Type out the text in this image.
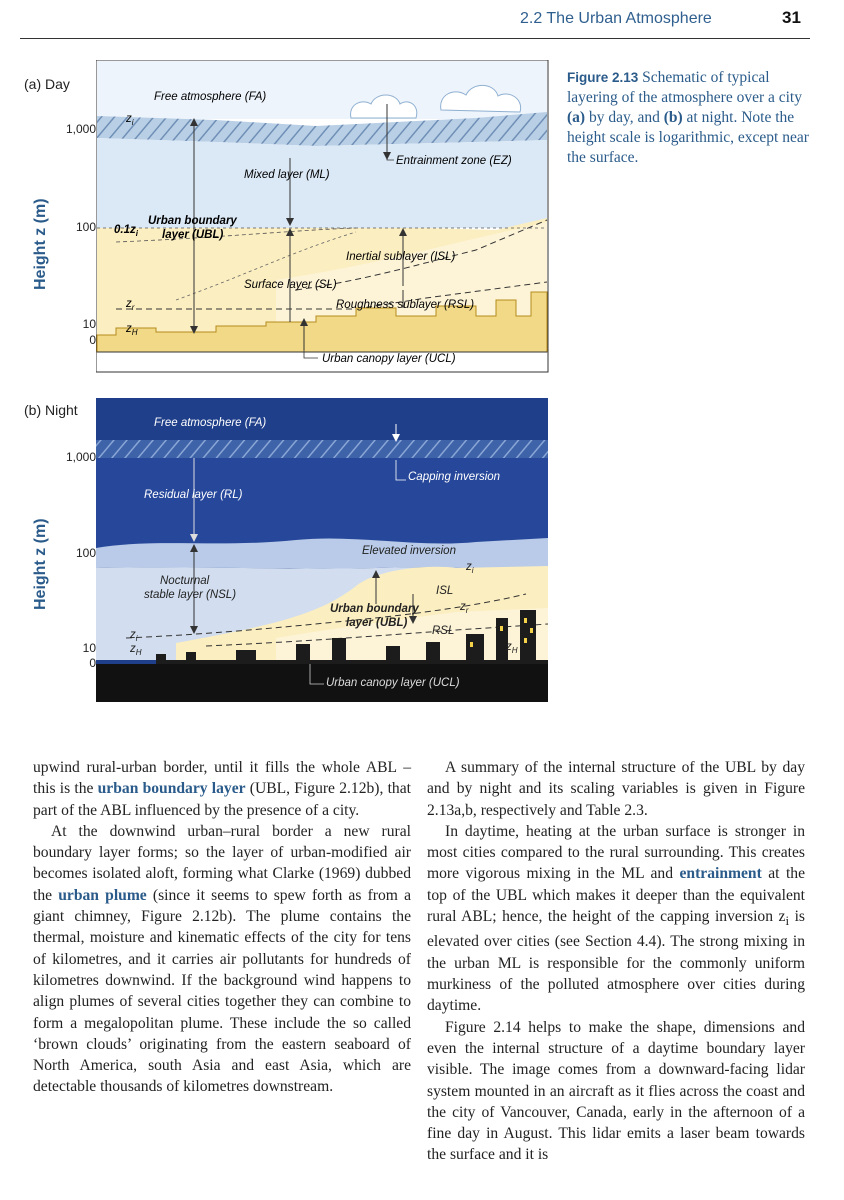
2.2 The Urban Atmosphere	31
(a) Day
Height z (m)
1,000
100
10
0
Free atmosphere (FA)
Entrainment zone (EZ)
Mixed layer (ML)
Urban boundary
layer (UBL)
Inertial sublayer (ISL)
Surface layer (SL)
Roughness sublayer (RSL)
Urban canopy layer (UCL)
$z_i$
$0.1z_i$
$z_r$
$z_H$
(b) Night
Height z (m)
1,000
100
10
0
Free atmosphere (FA)
Capping inversion
Residual layer (RL)
Elevated inversion
Nocturnal
stable layer (NSL)
Urban boundary
layer (UBL)
ISL
RSL
Urban canopy layer (UCL)
$z_i$
$z_i$
$z_r$
$z_H$	$z_H$
Figure 2.13 Schematic of typical layering of the atmosphere over a city (a) by day, and (b) at night. Note the height scale is logarithmic, except near the surface.

upwind rural-urban border, until it fills the whole ABL – this is the urban boundary layer (UBL, Figure 2.12b), that part of the ABL influenced by the presence of a city.

At the downwind urban–rural border a new rural boundary layer forms; so the layer of urban-modified air becomes isolated aloft, forming what Clarke (1969) dubbed the urban plume (since it seems to spew forth as from a giant chimney, Figure 2.12b). The plume contains the thermal, moisture and kinematic effects of the city for tens of kilometres, and it carries air pollutants for hundreds of kilometres downwind. If the background wind happens to align plumes of several cities together they can combine to form a megalopolitan plume. These include the so called ‘brown clouds’ originating from the eastern seaboard of North America, south Asia and east Asia, which are detectable thousands of kilometres downstream.

A summary of the internal structure of the UBL by day and by night and its scaling variables is given in Figure 2.13a,b, respectively and Table 2.3.

In daytime, heating at the urban surface is stronger in most cities compared to the rural surrounding. This creates more vigorous mixing in the ML and entrainment at the top of the UBL which makes it deeper than the equivalent rural ABL; hence, the height of the capping inversion $z_i$ is elevated over cities (see Section 4.4). The strong mixing in the urban ML is responsible for the commonly uniform murkiness of the polluted atmosphere over cities during daytime.

Figure 2.14 helps to make the shape, dimensions and even the internal structure of a daytime boundary layer visible. The image comes from a downward-facing lidar system mounted in an aircraft as it flies across the coast and the city of Vancouver, Canada, early in the afternoon of a fine day in August. This lidar emits a laser beam towards the surface and it is
